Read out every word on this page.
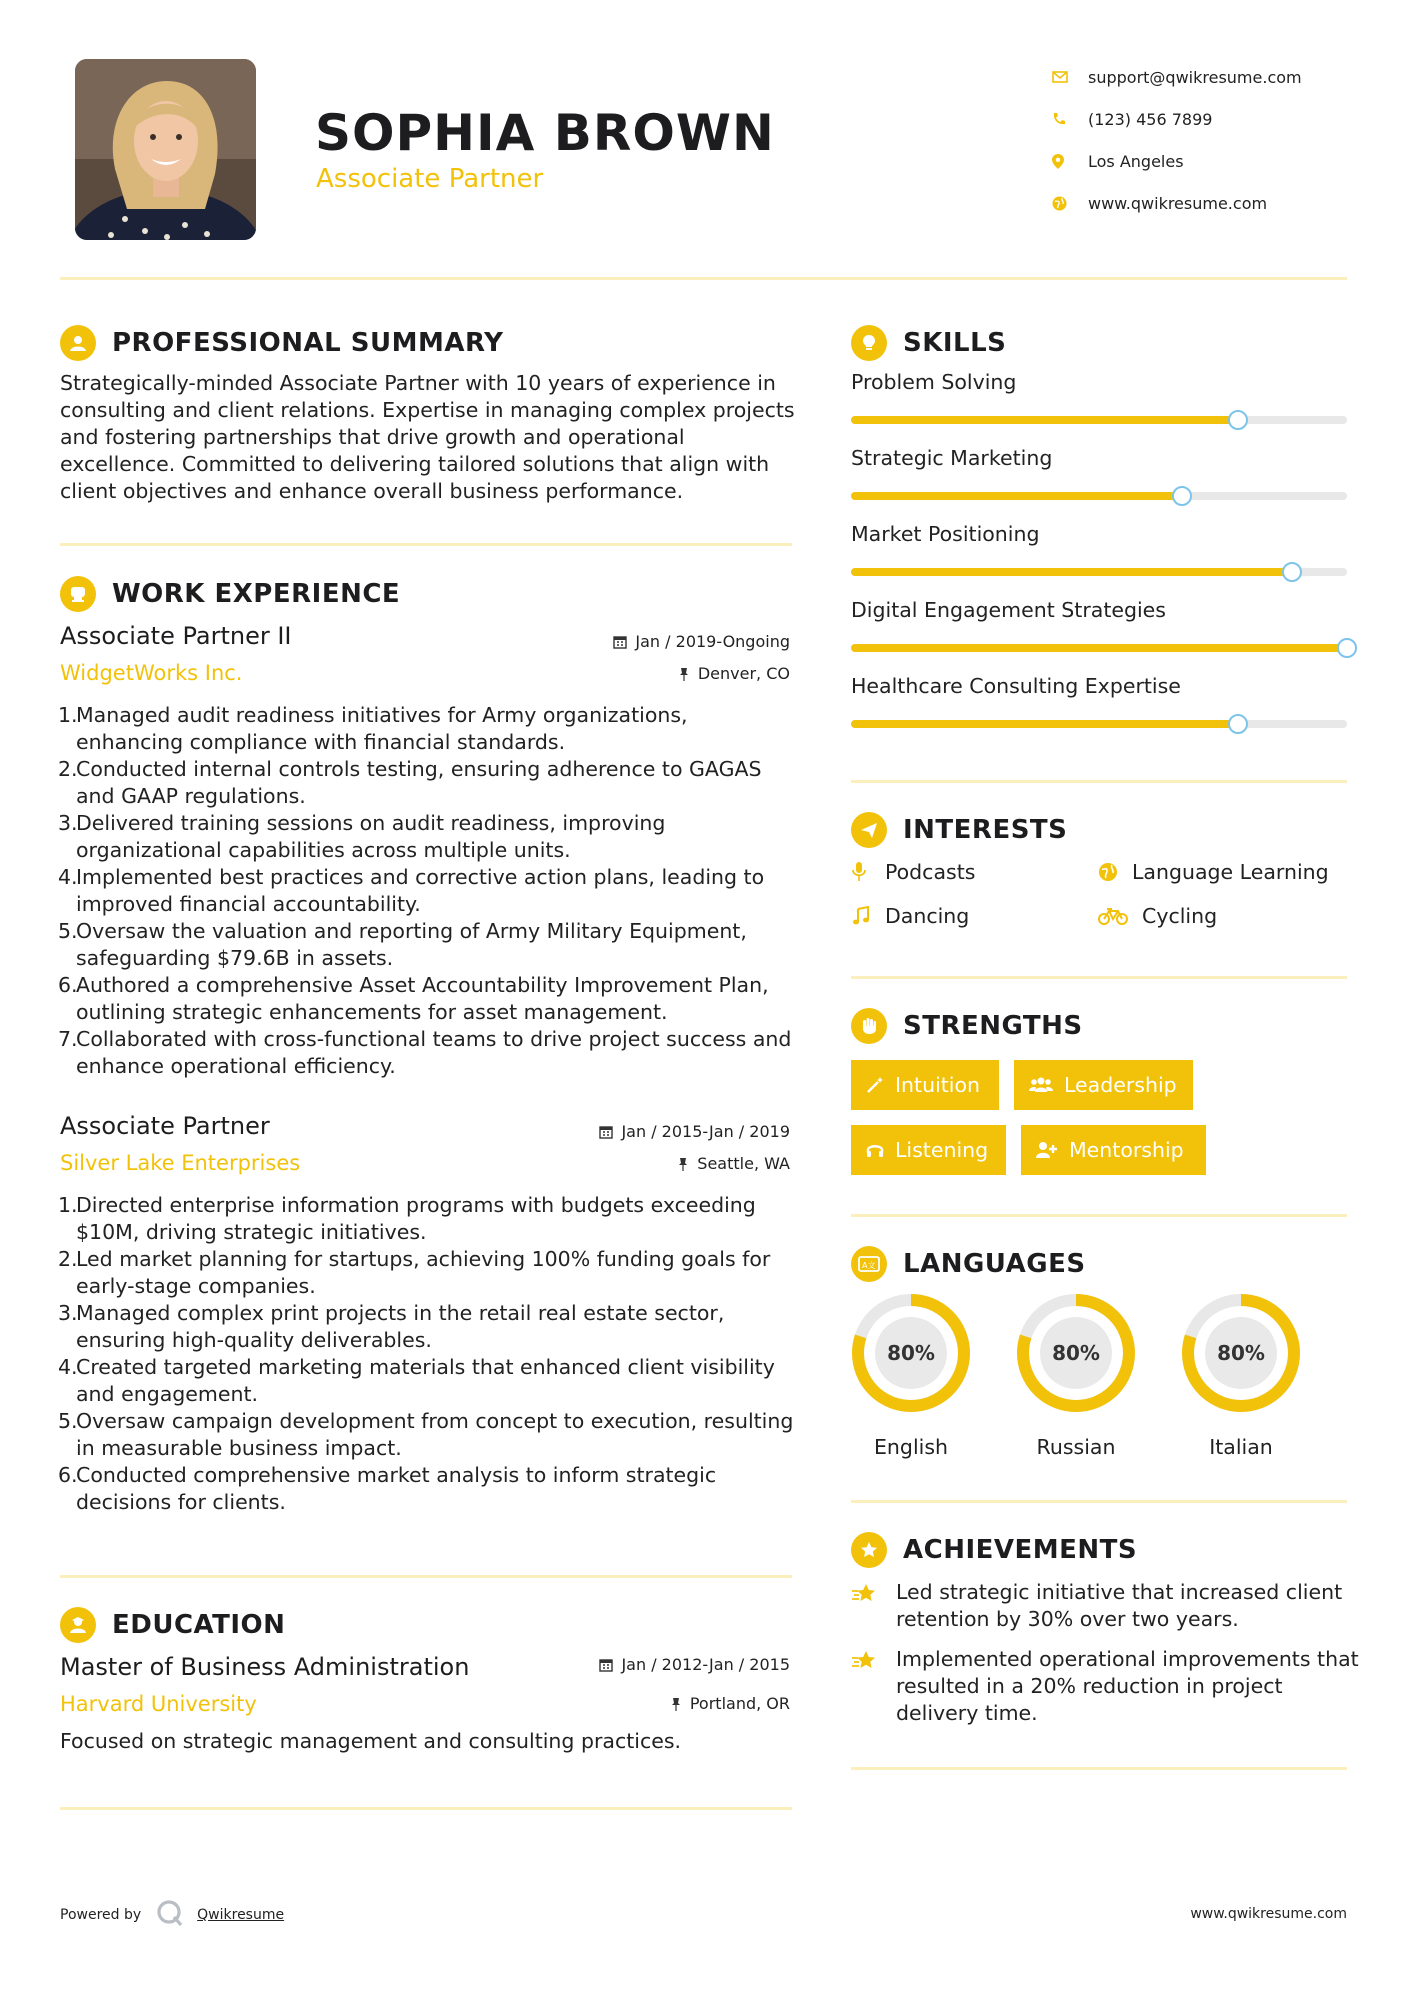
SOPHIA BROWN
Associate Partner
support@qwikresume.com
(123) 456 7899
Los Angeles
www.qwikresume.com
PROFESSIONAL SUMMARY
Strategically-minded Associate Partner with 10 years of experience in consulting and client relations. Expertise in managing complex projects and fostering partnerships that drive growth and operational excellence. Committed to delivering tailored solutions that align with client objectives and enhance overall business performance.
WORK EXPERIENCE
Associate Partner II
WidgetWorks Inc.
Jan / 2019-Ongoing
Denver, CO
1.
Managed audit readiness initiatives for Army organizations, enhancing compliance with financial standards.
2.
Conducted internal controls testing, ensuring adherence to GAGAS and GAAP regulations.
3.
Delivered training sessions on audit readiness, improving organizational capabilities across multiple units.
4.
Implemented best practices and corrective action plans, leading to improved financial accountability.
5.
Oversaw the valuation and reporting of Army Military Equipment, safeguarding $79.6B in assets.
6.
Authored a comprehensive Asset Accountability Improvement Plan, outlining strategic enhancements for asset management.
7.
Collaborated with cross-functional teams to drive project success and enhance operational efficiency.
Associate Partner
Silver Lake Enterprises
Jan / 2015-Jan / 2019
Seattle, WA
1.
Directed enterprise information programs with budgets exceeding $10M, driving strategic initiatives.
2.
Led market planning for startups, achieving 100% funding goals for early-stage companies.
3.
Managed complex print projects in the retail real estate sector, ensuring high-quality deliverables.
4.
Created targeted marketing materials that enhanced client visibility and engagement.
5.
Oversaw campaign development from concept to execution, resulting in measurable business impact.
6.
Conducted comprehensive market analysis to inform strategic decisions for clients.
EDUCATION
Master of Business Administration
Harvard University
Jan / 2012-Jan / 2015
Portland, OR
Focused on strategic management and consulting practices.
SKILLS
Problem Solving
Strategic Marketing
Market Positioning
Digital Engagement Strategies
Healthcare Consulting Expertise
INTERESTS
Podcasts	Language Learning
Dancing	Cycling
STRENGTHS
Intuition	Leadership
Listening	Mentorship
A文 LANGUAGES
80%
English
80%
Russian
80%
Italian
ACHIEVEMENTS
Led strategic initiative that increased client retention by 30% over two years.
Implemented operational improvements that resulted in a 20% reduction in project delivery time.
Powered by	Qwikresume	www.qwikresume.com
